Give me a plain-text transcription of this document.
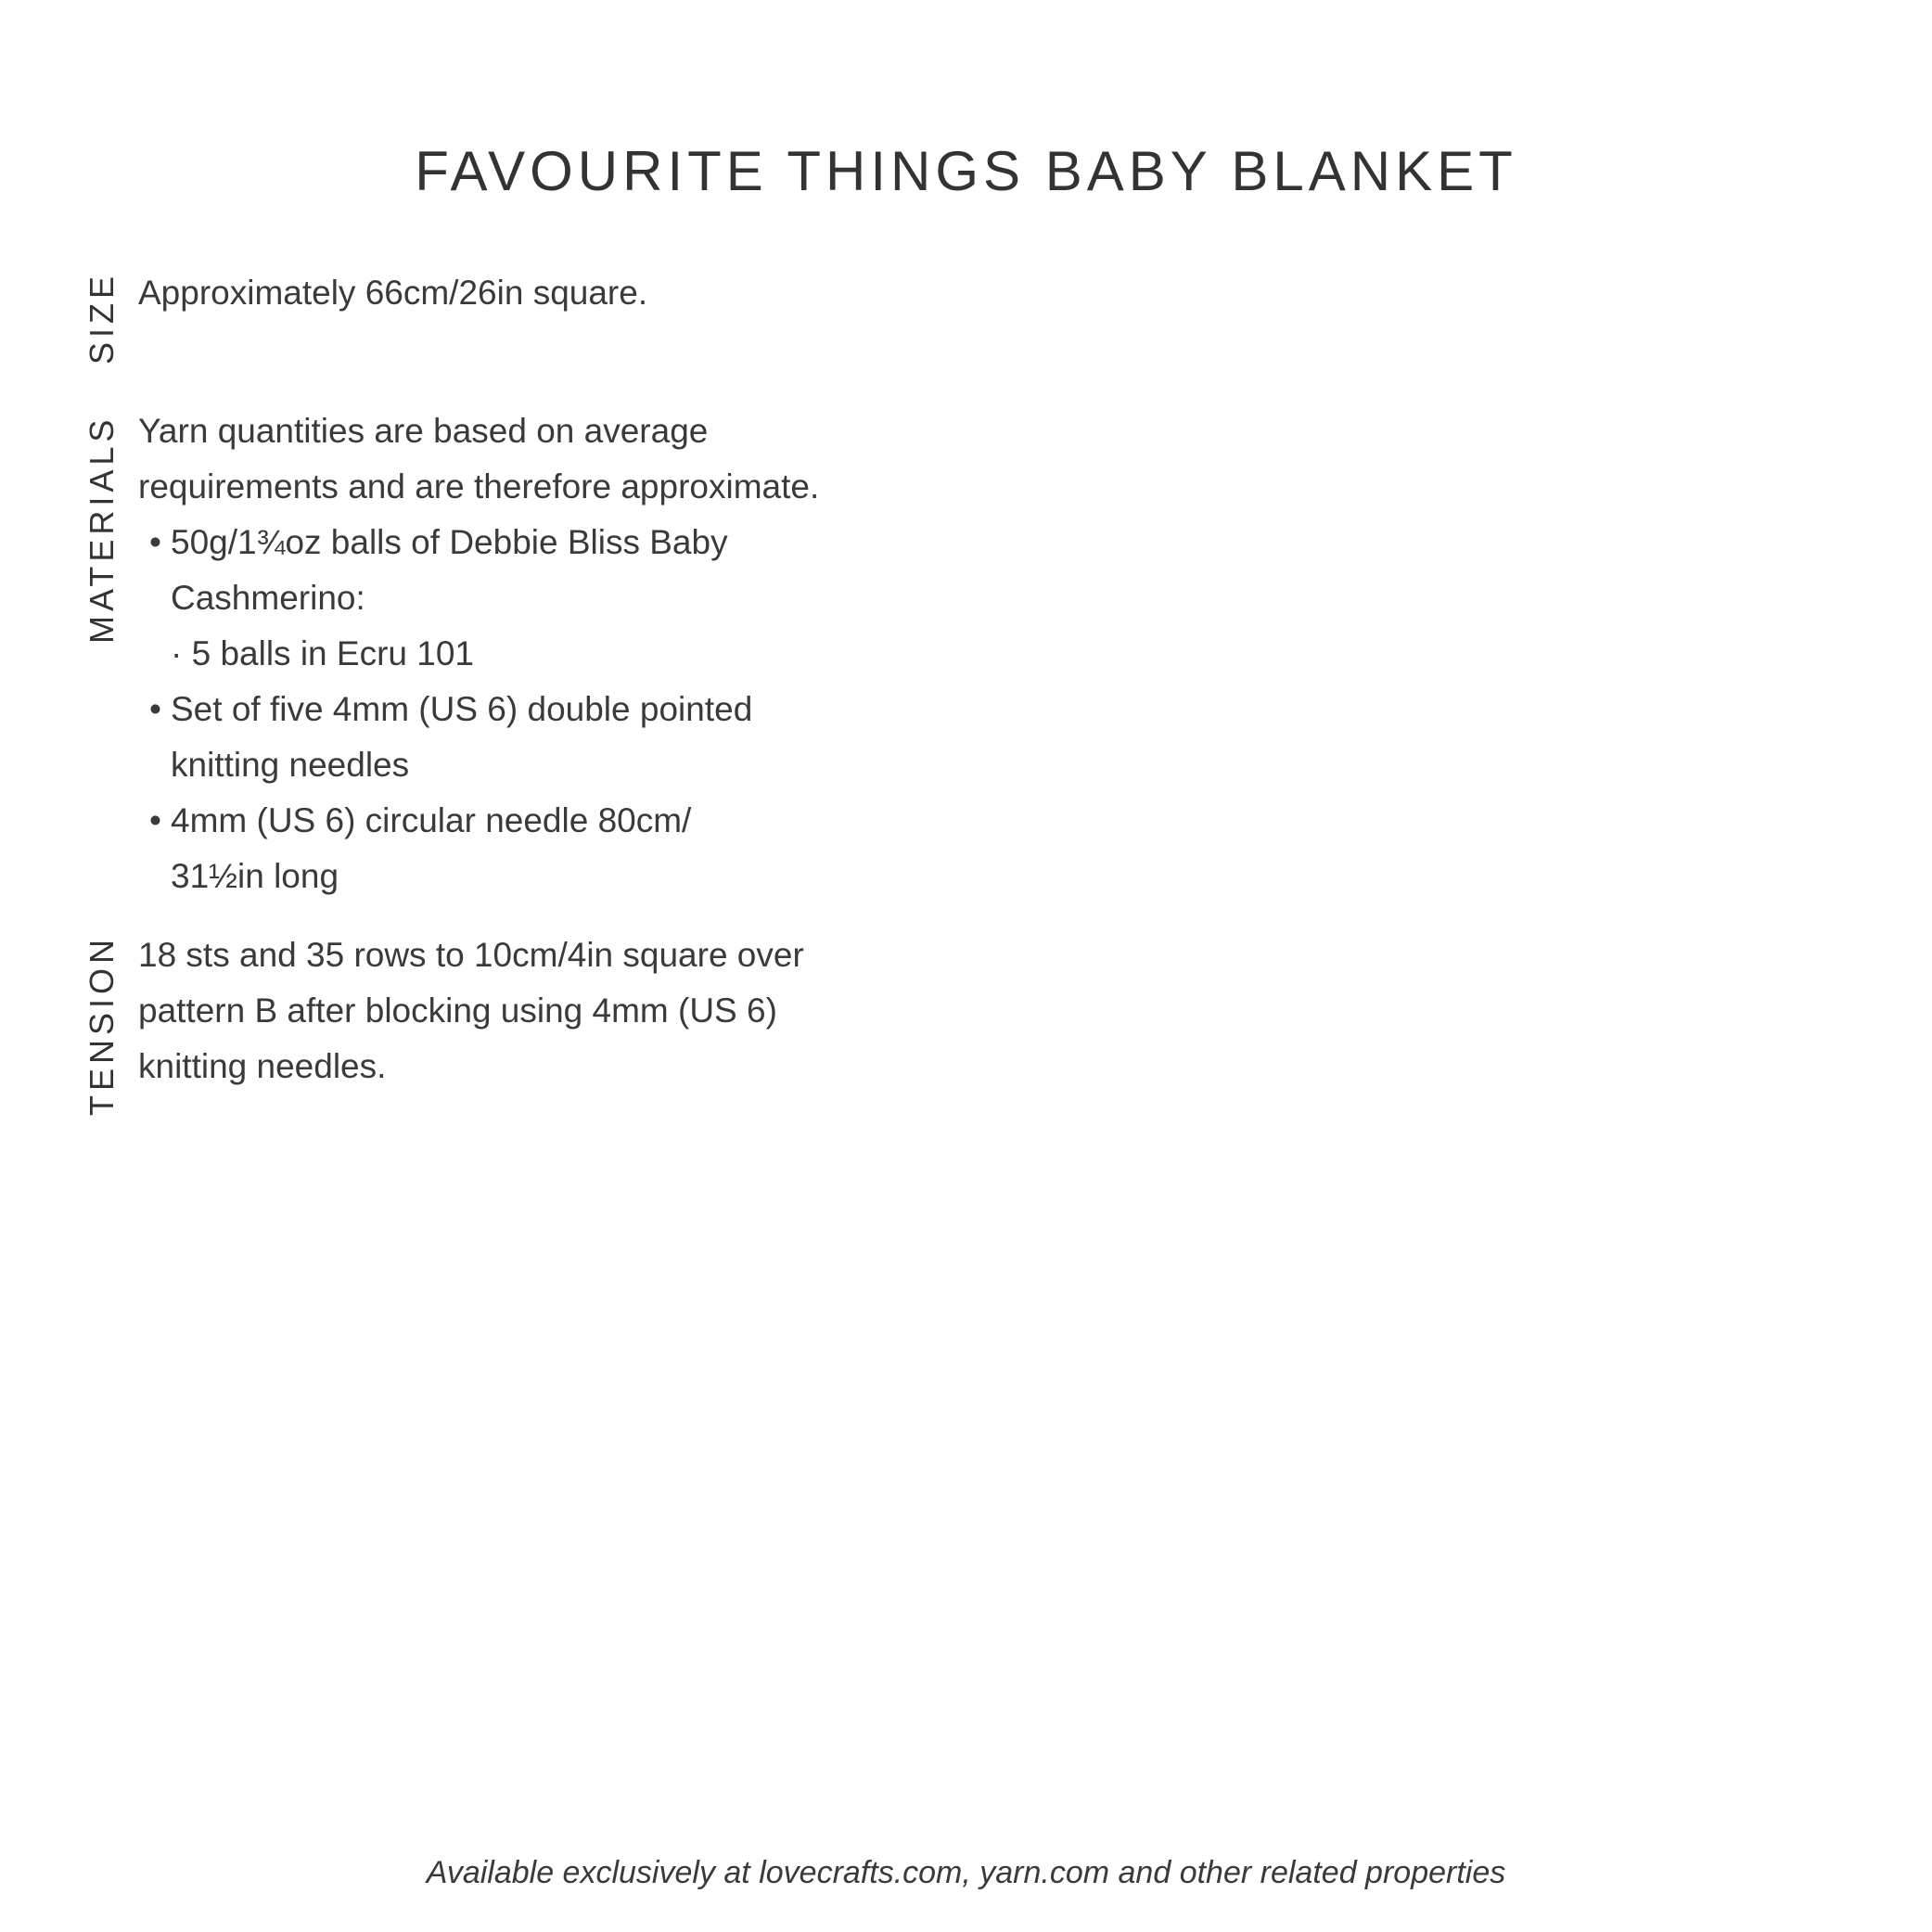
FAVOURITE THINGS BABY BLANKET
SIZE Approximately 66cm/26in square.
MATERIALS Yarn quantities are based on average
requirements and are therefore approximate.
• 50g/1¾oz balls of Debbie Bliss Baby
Cashmerino:
· 5 balls in Ecru 101
• Set of five 4mm (US 6) double pointed
knitting needles
• 4mm (US 6) circular needle 80cm/
31½in long
TENSION 18 sts and 35 rows to 10cm/4in square over
pattern B after blocking using 4mm (US 6)
knitting needles.
Available exclusively at lovecrafts.com, yarn.com and other related properties
